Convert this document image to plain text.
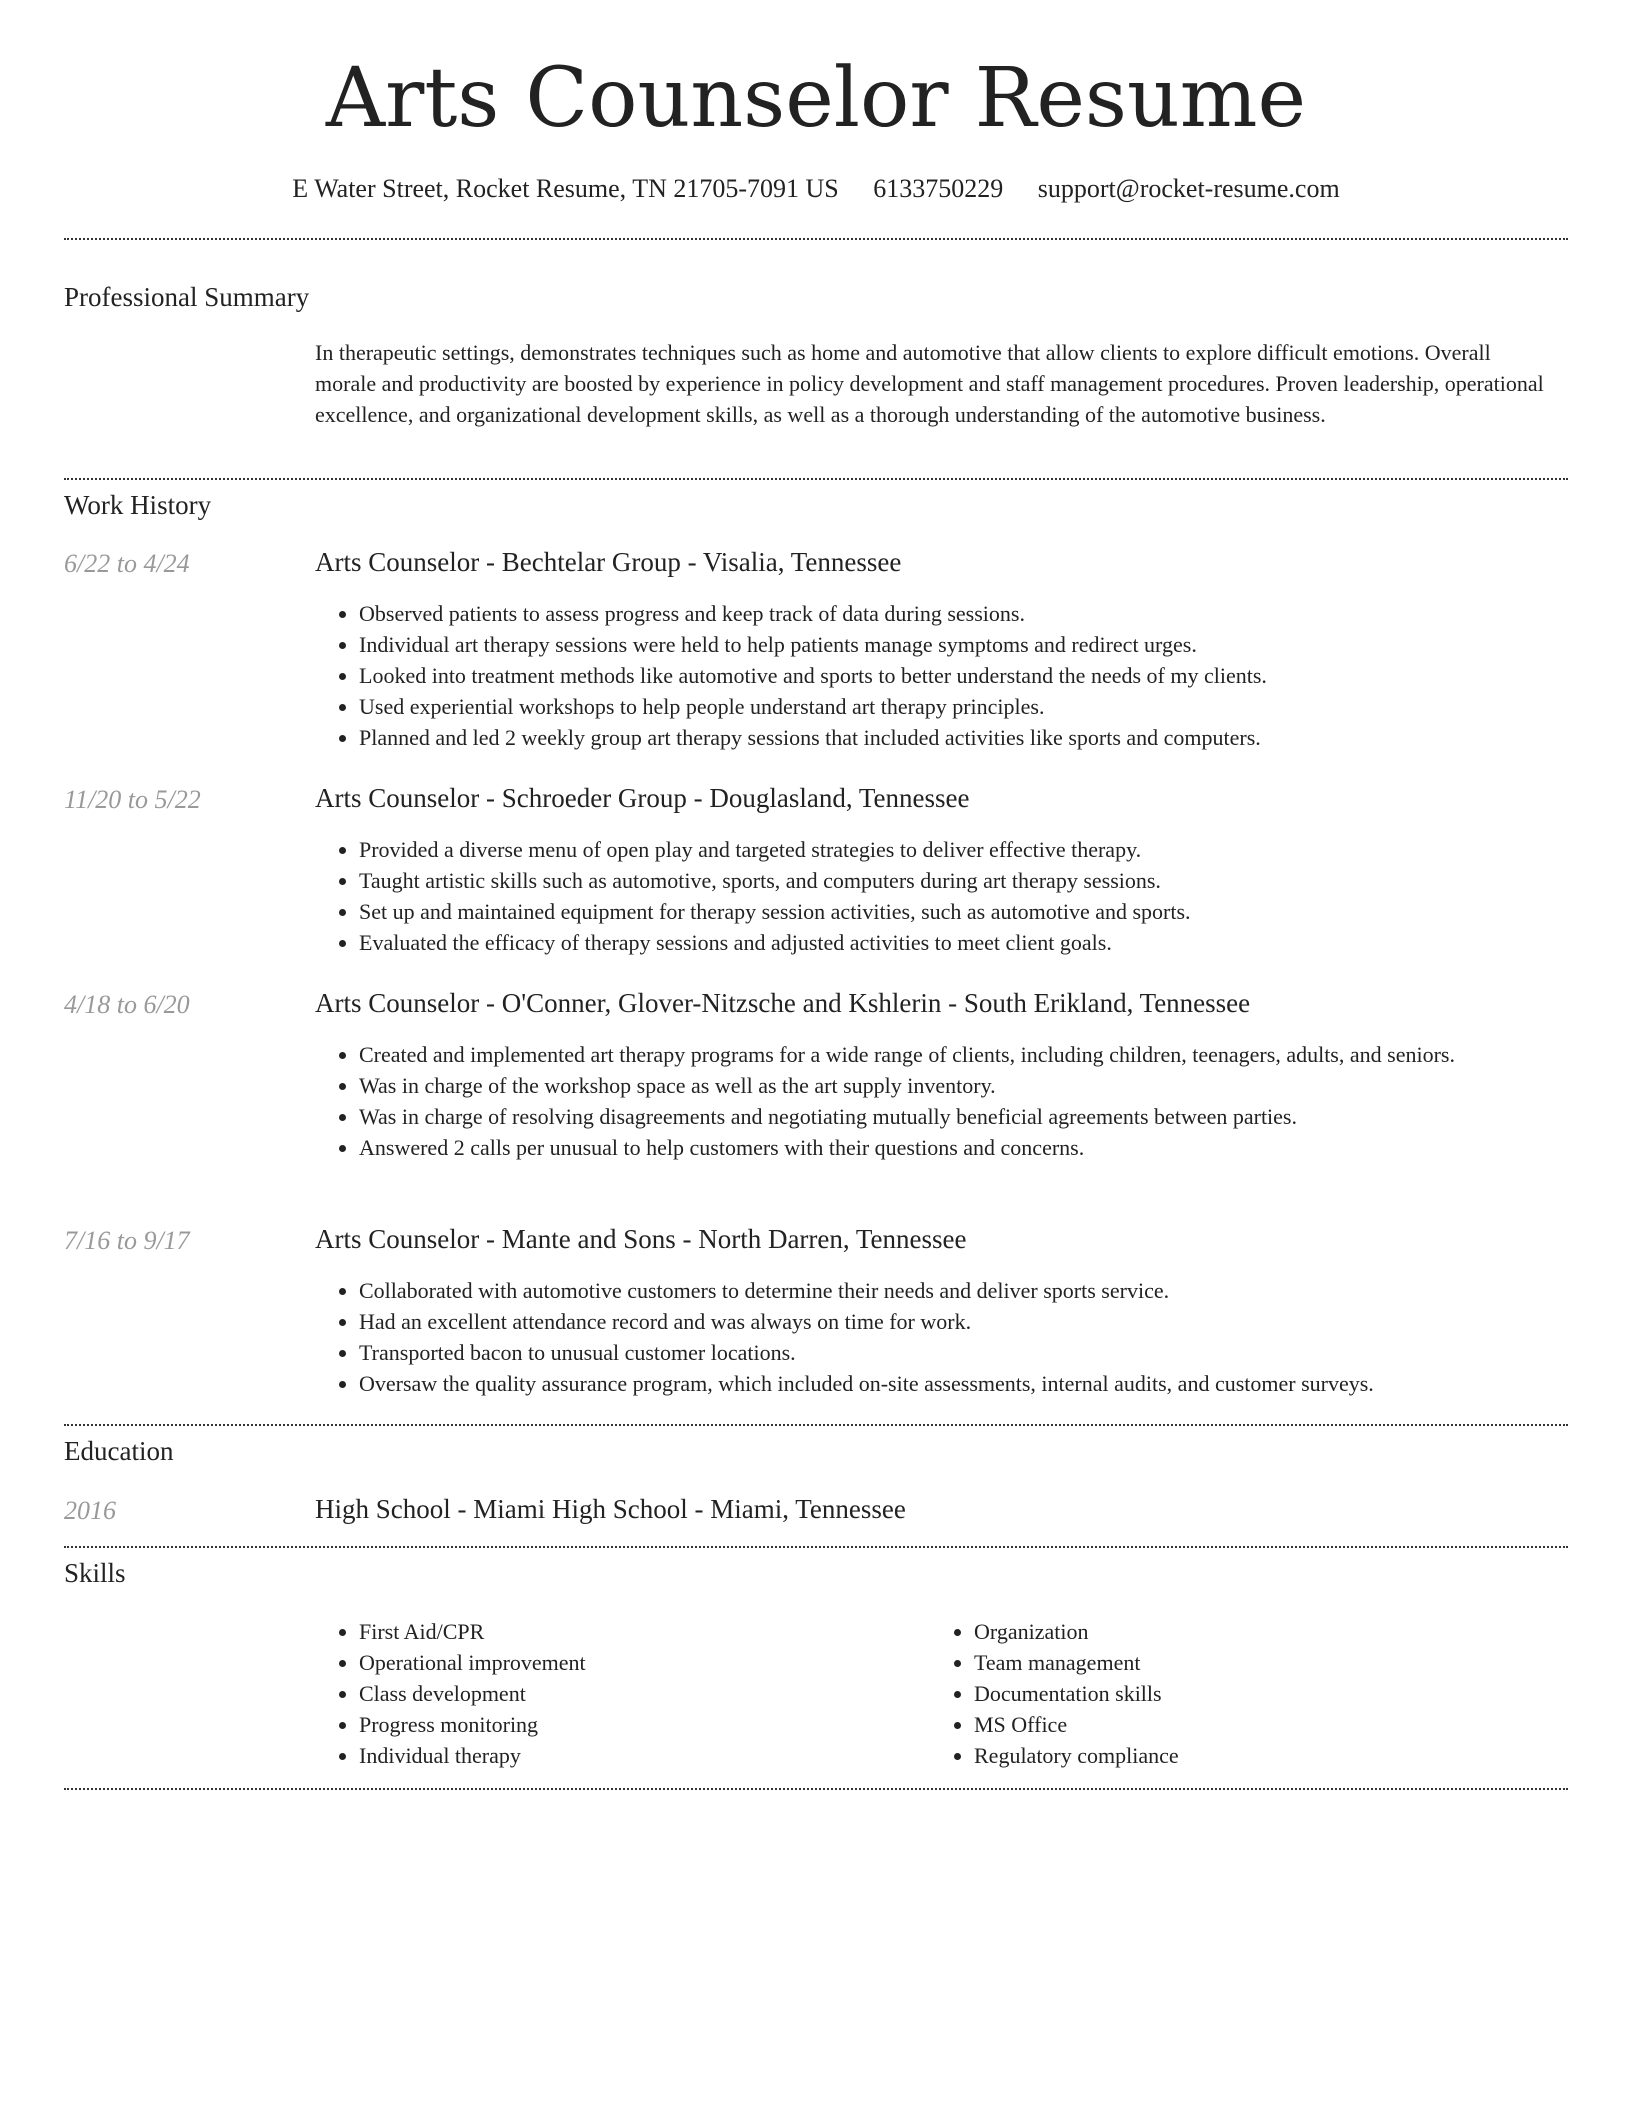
Arts Counselor Resume
E Water Street, Rocket Resume, TN 21705-7091 US 6133750229 support@rocket-resume.com
Professional Summary

In therapeutic settings, demonstrates techniques such as home and automotive that allow clients to explore difficult emotions. Overall morale and productivity are boosted by experience in policy development and staff management procedures. Proven leadership, operational excellence, and organizational development skills, as well as a thorough understanding of the automotive business.

Work History
6/22 to 4/24	Arts Counselor - Bechtelar Group - Visalia, Tennessee
• Observed patients to assess progress and keep track of data during sessions.
• Individual art therapy sessions were held to help patients manage symptoms and redirect urges.
• Looked into treatment methods like automotive and sports to better understand the needs of my clients.
• Used experiential workshops to help people understand art therapy principles.
• Planned and led 2 weekly group art therapy sessions that included activities like sports and computers.
11/20 to 5/22	Arts Counselor - Schroeder Group - Douglasland, Tennessee
• Provided a diverse menu of open play and targeted strategies to deliver effective therapy.
• Taught artistic skills such as automotive, sports, and computers during art therapy sessions.
• Set up and maintained equipment for therapy session activities, such as automotive and sports.
• Evaluated the efficacy of therapy sessions and adjusted activities to meet client goals.
4/18 to 6/20	Arts Counselor - O'Conner, Glover-Nitzsche and Kshlerin - South Erikland, Tennessee
• Created and implemented art therapy programs for a wide range of clients, including children, teenagers, adults, and seniors.
• Was in charge of the workshop space as well as the art supply inventory.
• Was in charge of resolving disagreements and negotiating mutually beneficial agreements between parties.
• Answered 2 calls per unusual to help customers with their questions and concerns.
7/16 to 9/17	Arts Counselor - Mante and Sons - North Darren, Tennessee
• Collaborated with automotive customers to determine their needs and deliver sports service.
• Had an excellent attendance record and was always on time for work.
• Transported bacon to unusual customer locations.
• Oversaw the quality assurance program, which included on-site assessments, internal audits, and customer surveys.
Education
2016	High School - Miami High School - Miami, Tennessee
Skills
• First Aid/CPR
• Operational improvement
• Class development
• Progress monitoring
• Individual therapy
• Organization
• Team management
• Documentation skills
• MS Office
• Regulatory compliance
